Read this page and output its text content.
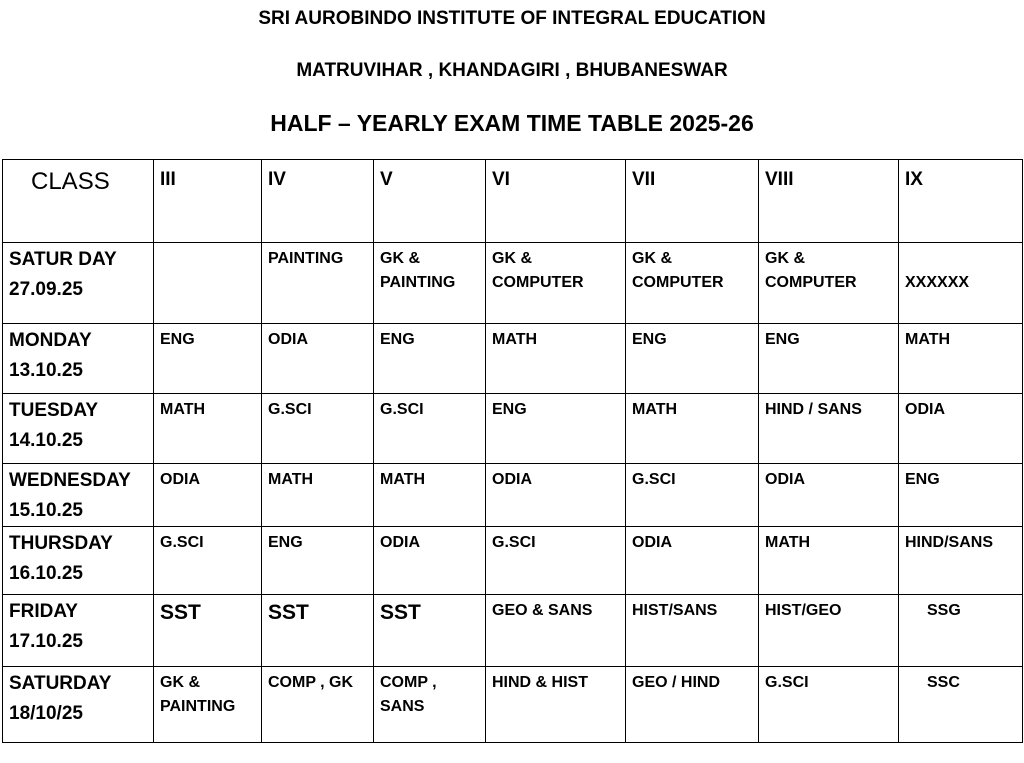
SRI AUROBINDO INSTITUTE OF INTEGRAL EDUCATION
MATRUVIHAR , KHANDAGIRI , BHUBANESWAR
HALF – YEARLY EXAM TIME TABLE 2025-26
CLASS	III	IV	V	VI	VII	VIII	IX

SATUR DAY
27.09.25		PAINTING	GK & PAINTING	GK & COMPUTER	GK & COMPUTER	GK & COMPUTER	XXXXXX

MONDAY
13.10.25	ENG	ODIA	ENG	MATH	ENG	ENG	MATH

TUESDAY
14.10.25	MATH	G.SCI	G.SCI	ENG	MATH	HIND / SANS	ODIA

WEDNESDAY
15.10.25	ODIA	MATH	MATH	ODIA	G.SCI	ODIA	ENG

THURSDAY
16.10.25	G.SCI	ENG	ODIA	G.SCI	ODIA	MATH	HIND/SANS

FRIDAY
17.10.25	SST	SST	SST	GEO & SANS	HIST/SANS	HIST/GEO	SSG

SATURDAY
18/10/25	GK & PAINTING	COMP , GK	COMP , SANS	HIND & HIST	GEO / HIND	G.SCI	SSC
